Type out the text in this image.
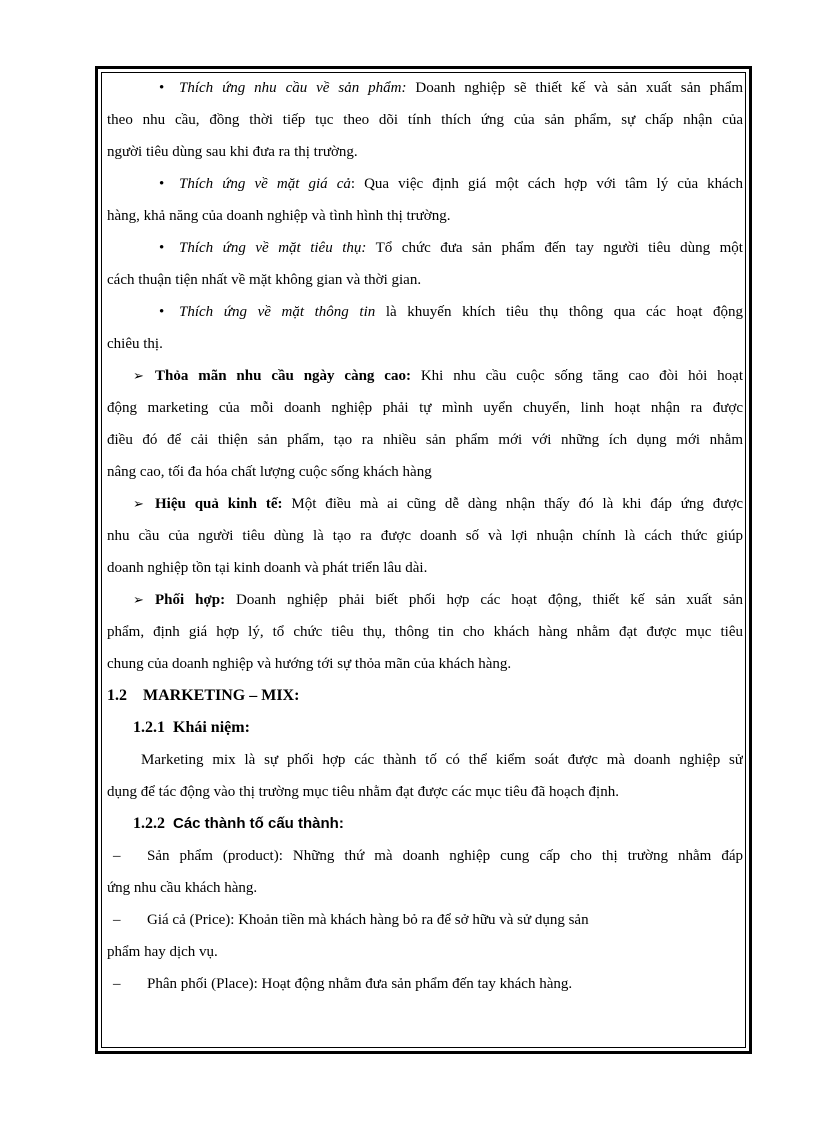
• Thích ứng nhu cầu về sản phẩm: Doanh nghiệp sẽ thiết kế và sản xuất sản phẩm
theo nhu cầu, đồng thời tiếp tục theo dõi tính thích ứng của sản phẩm, sự chấp nhận của
người tiêu dùng sau khi đưa ra thị trường.
• Thích ứng về mặt giá cả: Qua việc định giá một cách hợp với tâm lý của khách
hàng, khả năng của doanh nghiệp và tình hình thị trường.
• Thích ứng về mặt tiêu thụ: Tổ chức đưa sản phẩm đến tay người tiêu dùng một
cách thuận tiện nhất về mặt không gian và thời gian.
• Thích ứng về mặt thông tin là khuyến khích tiêu thụ thông qua các hoạt động
chiêu thị.
➢ Thỏa mãn nhu cầu ngày càng cao: Khi nhu cầu cuộc sống tăng cao đòi hỏi hoạt
động marketing của mỗi doanh nghiệp phải tự mình uyển chuyển, linh hoạt nhận ra được
điều đó để cải thiện sản phẩm, tạo ra nhiều sản phẩm mới với những ích dụng mới nhằm
nâng cao, tối đa hóa chất lượng cuộc sống khách hàng
➢ Hiệu quả kinh tế: Một điều mà ai cũng dễ dàng nhận thấy đó là khi đáp ứng được
nhu cầu của người tiêu dùng là tạo ra được doanh số và lợi nhuận chính là cách thức giúp
doanh nghiệp tồn tại kinh doanh và phát triển lâu dài.
➢ Phối hợp: Doanh nghiệp phải biết phối hợp các hoạt động, thiết kế sản xuất sản
phẩm, định giá hợp lý, tổ chức tiêu thụ, thông tin cho khách hàng nhằm đạt được mục tiêu
chung của doanh nghiệp và hướng tới sự thỏa mãn của khách hàng.
1.2 MARKETING – MIX:
1.2.1 Khái niệm:
Marketing mix là sự phối hợp các thành tố có thể kiểm soát được mà doanh nghiệp sử
dụng để tác động vào thị trường mục tiêu nhằm đạt được các mục tiêu đã hoạch định.
1.2.2 Các thành tố cấu thành:
– Sản phẩm (product): Những thứ mà doanh nghiệp cung cấp cho thị trường nhằm đáp
ứng nhu cầu khách hàng.
– Giá cả (Price): Khoản tiền mà khách hàng bỏ ra để sở hữu và sử dụng sản
phẩm hay dịch vụ.
– Phân phối (Place): Hoạt động nhằm đưa sản phẩm đến tay khách hàng.
